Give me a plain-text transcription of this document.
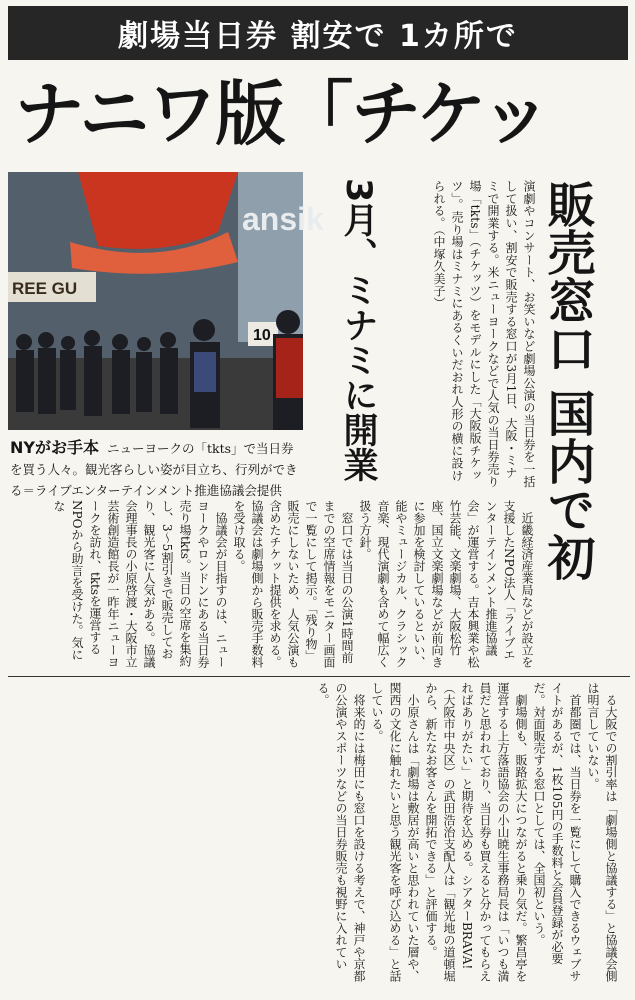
劇場当日券 割安で 1カ所で
ナニワ版「チケッ
REE GU
ansik
10
NYがお手本 ニューヨークの「tkts」で当日券を買う人々。観光客らしい姿が目立ち、行列ができる＝ライブエンターテインメント推進協議会提供
3月、ミナミに開業	販売窓口 国内で初
演劇やコンサート、お笑いなど劇場公演の当日券を一括して扱い、割安で販売する窓口が3月1日、大阪・ミナミで開業する。米ニューヨークなどで人気の当日券売り場「tkts」（チケッツ）をモデルにした「大阪版チケッツ」。売り場はミナミにあるくいだおれ人形の横に設けられる。（中塚久美子）

近畿経済産業局などが設立を支援したNPO法人「ライブエンターテインメント推進協議会」が運営する。吉本興業や松竹芸能、文楽劇場、大阪松竹座、国立文楽劇場などが前向きに参加を検討しているといい、能やミュージカル、クラシック音楽、現代演劇も含めて幅広く扱う方針。

窓口では当日の公演1時間前までの空席情報をモニター画面で一覧にして掲示。「残り物」販売にしないため、人気公演も含めたチケット提供を求める。協議会は劇場側から販売手数料を受け取る。

協議会が目指すのは、ニューヨークやロンドンにある当日券売り場tkts。当日の空席を集約し、3〜5割引きで販売しており、観光客に人気がある。協議会理事長の小原啓渡・大阪市立芸術創造館長が一昨年ニューヨークを訪れ、tktsを運営するNPOから助言を受けた。気にな

る大阪での割引率は「劇場側と協議する」と協議会側は明言していない。

首都圏では、当日券を一覧にして購入できるウェブサイトがあるが、1枚105円の手数料と会員登録が必要だ。対面販売する窓口としては、全国初という。

劇場側も、販路拡大につながると乗り気だ。繁昌亭を運営する上方落語協会の小山暁生事務局長は「いつも満員だと思われており、当日券も買えると分かってもらえればありがたい」と期待を込める。シアターBRAVA!（大阪市中央区）の武田浩治支配人は「観光地の道頓堀から、新たなお客さんを開拓できる」と評価する。

小原さんは「劇場は敷居が高いと思われていた層や、関西の文化に触れたいと思う観光客を呼び込める」と話している。

将来的には梅田にも窓口を設ける考えで、神戸や京都の公演やスポーツなどの当日券販売も視野に入れている。
